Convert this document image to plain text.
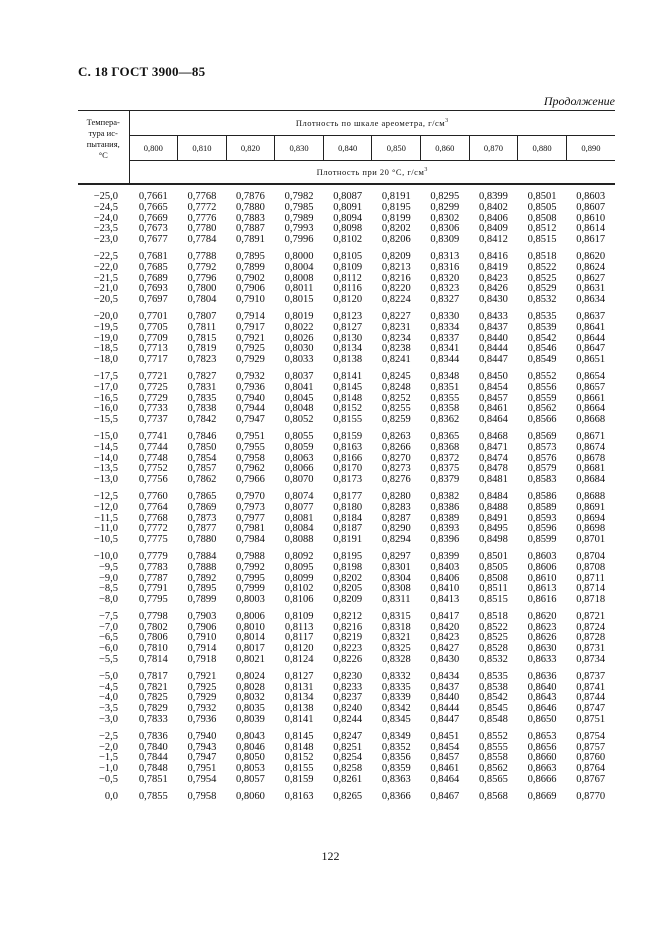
С. 18 ГОСТ 3900—85
Продолжение
Темпера-
тура ис-
пытания,
°С	Плотность по шкале ареометра, $г/см^3$
	0,800	0,810	0,820	0,830	0,840	0,850	0,860	0,870	0,880	0,890
	Плотность при 20 °С, $г/см^3$
−25,0	0,7661	0,7768	0,7876	0,7982	0,8087	0,8191	0,8295	0,8399	0,8501	0,8603
−24,5	0,7665	0,7772	0,7880	0,7985	0,8091	0,8195	0,8299	0,8402	0,8505	0,8607
−24,0	0,7669	0,7776	0,7883	0,7989	0,8094	0,8199	0,8302	0,8406	0,8508	0,8610
−23,5	0,7673	0,7780	0,7887	0,7993	0,8098	0,8202	0,8306	0,8409	0,8512	0,8614
−23,0	0,7677	0,7784	0,7891	0,7996	0,8102	0,8206	0,8309	0,8412	0,8515	0,8617
−22,5	0,7681	0,7788	0,7895	0,8000	0,8105	0,8209	0,8313	0,8416	0,8518	0,8620
−22,0	0,7685	0,7792	0,7899	0,8004	0,8109	0,8213	0,8316	0,8419	0,8522	0,8624
−21,5	0,7689	0,7796	0,7902	0,8008	0,8112	0,8216	0,8320	0,8423	0,8525	0,8627
−21,0	0,7693	0,7800	0,7906	0,8011	0,8116	0,8220	0,8323	0,8426	0,8529	0,8631
−20,5	0,7697	0,7804	0,7910	0,8015	0,8120	0,8224	0,8327	0,8430	0,8532	0,8634
−20,0	0,7701	0,7807	0,7914	0,8019	0,8123	0,8227	0,8330	0,8433	0,8535	0,8637
−19,5	0,7705	0,7811	0,7917	0,8022	0,8127	0,8231	0,8334	0,8437	0,8539	0,8641
−19,0	0,7709	0,7815	0,7921	0,8026	0,8130	0,8234	0,8337	0,8440	0,8542	0,8644
−18,5	0,7713	0,7819	0,7925	0,8030	0,8134	0,8238	0,8341	0,8444	0,8546	0,8647
−18,0	0,7717	0,7823	0,7929	0,8033	0,8138	0,8241	0,8344	0,8447	0,8549	0,8651
−17,5	0,7721	0,7827	0,7932	0,8037	0,8141	0,8245	0,8348	0,8450	0,8552	0,8654
−17,0	0,7725	0,7831	0,7936	0,8041	0,8145	0,8248	0,8351	0,8454	0,8556	0,8657
−16,5	0,7729	0,7835	0,7940	0,8045	0,8148	0,8252	0,8355	0,8457	0,8559	0,8661
−16,0	0,7733	0,7838	0,7944	0,8048	0,8152	0,8255	0,8358	0,8461	0,8562	0,8664
−15,5	0,7737	0,7842	0,7947	0,8052	0,8155	0,8259	0,8362	0,8464	0,8566	0,8668
−15,0	0,7741	0,7846	0,7951	0,8055	0,8159	0,8263	0,8365	0,8468	0,8569	0,8671
−14,5	0,7744	0,7850	0,7955	0,8059	0,8163	0,8266	0,8368	0,8471	0,8573	0,8674
−14,0	0,7748	0,7854	0,7958	0,8063	0,8166	0,8270	0,8372	0,8474	0,8576	0,8678
−13,5	0,7752	0,7857	0,7962	0,8066	0,8170	0,8273	0,8375	0,8478	0,8579	0,8681
−13,0	0,7756	0,7862	0,7966	0,8070	0,8173	0,8276	0,8379	0,8481	0,8583	0,8684
−12,5	0,7760	0,7865	0,7970	0,8074	0,8177	0,8280	0,8382	0,8484	0,8586	0,8688
−12,0	0,7764	0,7869	0,7973	0,8077	0,8180	0,8283	0,8386	0,8488	0,8589	0,8691
−11,5	0,7768	0,7873	0,7977	0,8081	0,8184	0,8287	0,8389	0,8491	0,8593	0,8694
−11,0	0,7772	0,7877	0,7981	0,8084	0,8187	0,8290	0,8393	0,8495	0,8596	0,8698
−10,5	0,7775	0,7880	0,7984	0,8088	0,8191	0,8294	0,8396	0,8498	0,8599	0,8701
−10,0	0,7779	0,7884	0,7988	0,8092	0,8195	0,8297	0,8399	0,8501	0,8603	0,8704
−9,5	0,7783	0,7888	0,7992	0,8095	0,8198	0,8301	0,8403	0,8505	0,8606	0,8708
−9,0	0,7787	0,7892	0,7995	0,8099	0,8202	0,8304	0,8406	0,8508	0,8610	0,8711
−8,5	0,7791	0,7895	0,7999	0,8102	0,8205	0,8308	0,8410	0,8511	0,8613	0,8714
−8,0	0,7795	0,7899	0,8003	0,8106	0,8209	0,8311	0,8413	0,8515	0,8616	0,8718
−7,5	0,7798	0,7903	0,8006	0,8109	0,8212	0,8315	0,8417	0,8518	0,8620	0,8721
−7,0	0,7802	0,7906	0,8010	0,8113	0,8216	0,8318	0,8420	0,8522	0,8623	0,8724
−6,5	0,7806	0,7910	0,8014	0,8117	0,8219	0,8321	0,8423	0,8525	0,8626	0,8728
−6,0	0,7810	0,7914	0,8017	0,8120	0,8223	0,8325	0,8427	0,8528	0,8630	0,8731
−5,5	0,7814	0,7918	0,8021	0,8124	0,8226	0,8328	0,8430	0,8532	0,8633	0,8734
−5,0	0,7817	0,7921	0,8024	0,8127	0,8230	0,8332	0,8434	0,8535	0,8636	0,8737
−4,5	0,7821	0,7925	0,8028	0,8131	0,8233	0,8335	0,8437	0,8538	0,8640	0,8741
−4,0	0,7825	0,7929	0,8032	0,8134	0,8237	0,8339	0,8440	0,8542	0,8643	0,8744
−3,5	0,7829	0,7932	0,8035	0,8138	0,8240	0,8342	0,8444	0,8545	0,8646	0,8747
−3,0	0,7833	0,7936	0,8039	0,8141	0,8244	0,8345	0,8447	0,8548	0,8650	0,8751
−2,5	0,7836	0,7940	0,8043	0,8145	0,8247	0,8349	0,8451	0,8552	0,8653	0,8754
−2,0	0,7840	0,7943	0,8046	0,8148	0,8251	0,8352	0,8454	0,8555	0,8656	0,8757
−1,5	0,7844	0,7947	0,8050	0,8152	0,8254	0,8356	0,8457	0,8558	0,8660	0,8760
−1,0	0,7848	0,7951	0,8053	0,8155	0,8258	0,8359	0,8461	0,8562	0,8663	0,8764
−0,5	0,7851	0,7954	0,8057	0,8159	0,8261	0,8363	0,8464	0,8565	0,8666	0,8767
0,0	0,7855	0,7958	0,8060	0,8163	0,8265	0,8366	0,8467	0,8568	0,8669	0,8770
122
